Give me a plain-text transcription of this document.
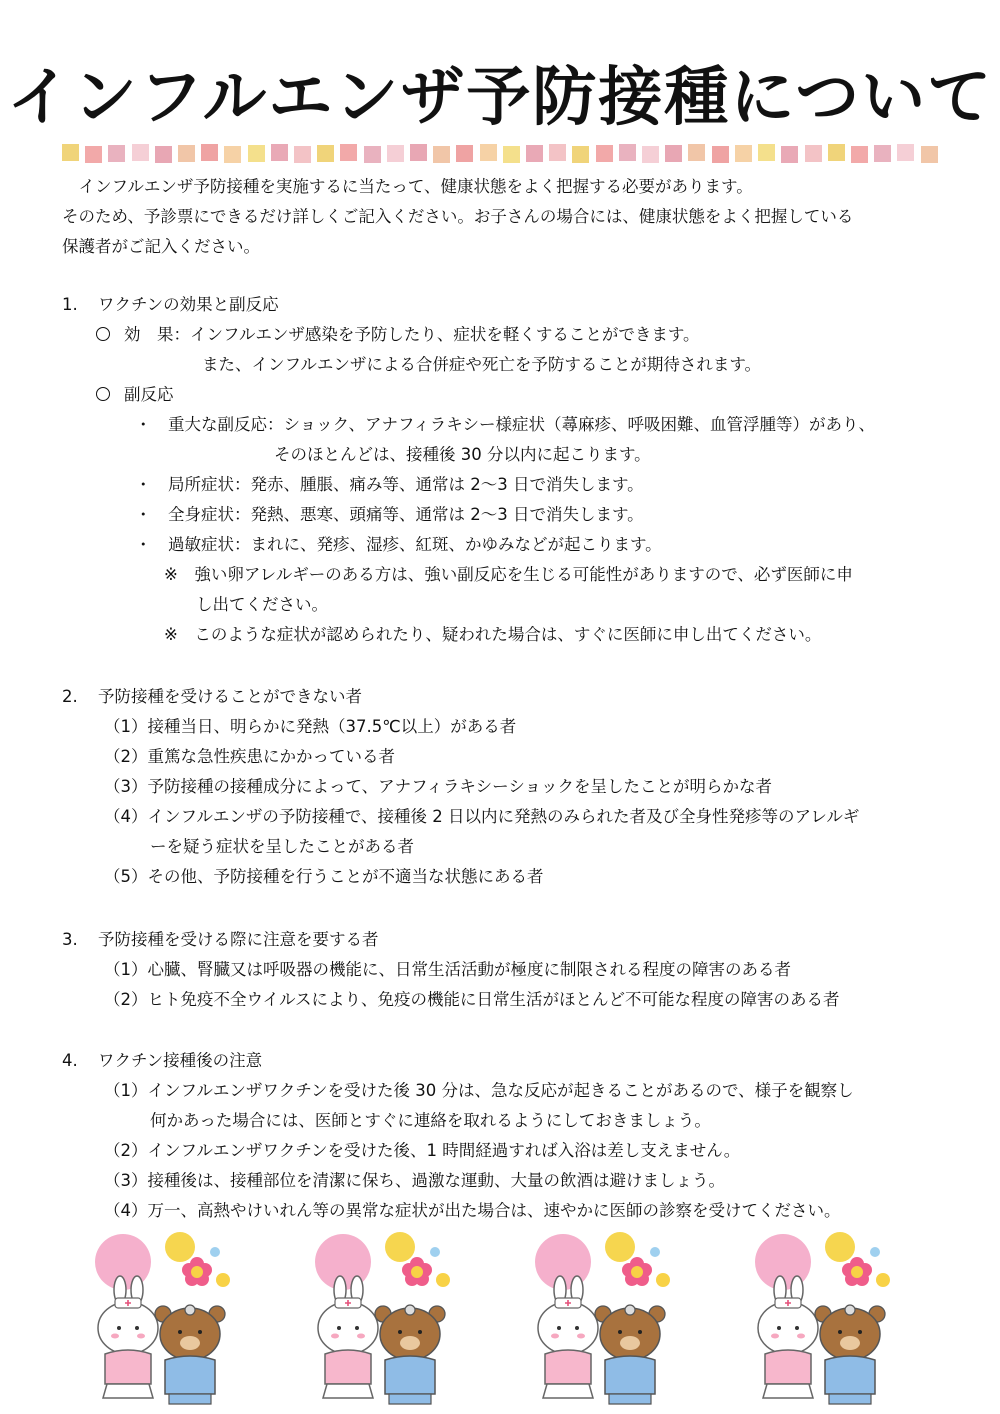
インフルエンザ予防接種について
　インフルエンザ予防接種を実施するに当たって、健康状態をよく把握する必要があります。
そのため、予診票にできるだけ詳しくご記入ください。お子さんの場合には、健康状態をよく把握している
保護者がご記入ください。
1. ワクチンの効果と副反応
効　果：インフルエンザ感染を予防したり、症状を軽くすることができます。
また、インフルエンザによる合併症や死亡を予防することが期待されます。
副反応
・　重大な副反応：ショック、アナフィラキシー様症状（蕁麻疹、呼吸困難、血管浮腫等）があり、
そのほとんどは、接種後 30 分以内に起こります。
・　局所症状：発赤、腫脹、痛み等、通常は 2～3 日で消失します。
・　全身症状：発熱、悪寒、頭痛等、通常は 2～3 日で消失します。
・　過敏症状：まれに、発疹、湿疹、紅斑、かゆみなどが起こります。
※　強い卵アレルギーのある方は、強い副反応を生じる可能性がありますので、必ず医師に申
し出てください。
※　このような症状が認められたり、疑われた場合は、すぐに医師に申し出てください。
2. 予防接種を受けることができない者
（1）接種当日、明らかに発熱（37.5℃以上）がある者
（2）重篤な急性疾患にかかっている者
（3）予防接種の接種成分によって、アナフィラキシーショックを呈したことが明らかな者
（4）インフルエンザの予防接種で、接種後 2 日以内に発熱のみられた者及び全身性発疹等のアレルギ
ーを疑う症状を呈したことがある者
（5）その他、予防接種を行うことが不適当な状態にある者
3. 予防接種を受ける際に注意を要する者
（1）心臓、腎臓又は呼吸器の機能に、日常生活活動が極度に制限される程度の障害のある者
（2）ヒト免疫不全ウイルスにより、免疫の機能に日常生活がほとんど不可能な程度の障害のある者
4. ワクチン接種後の注意
（1）インフルエンザワクチンを受けた後 30 分は、急な反応が起きることがあるので、様子を観察し
何かあった場合には、医師とすぐに連絡を取れるようにしておきましょう。
（2）インフルエンザワクチンを受けた後、1 時間経過すれば入浴は差し支えません。
（3）接種後は、接種部位を清潔に保ち、過激な運動、大量の飲酒は避けましょう。
（4）万一、高熱やけいれん等の異常な症状が出た場合は、速やかに医師の診察を受けてください。
